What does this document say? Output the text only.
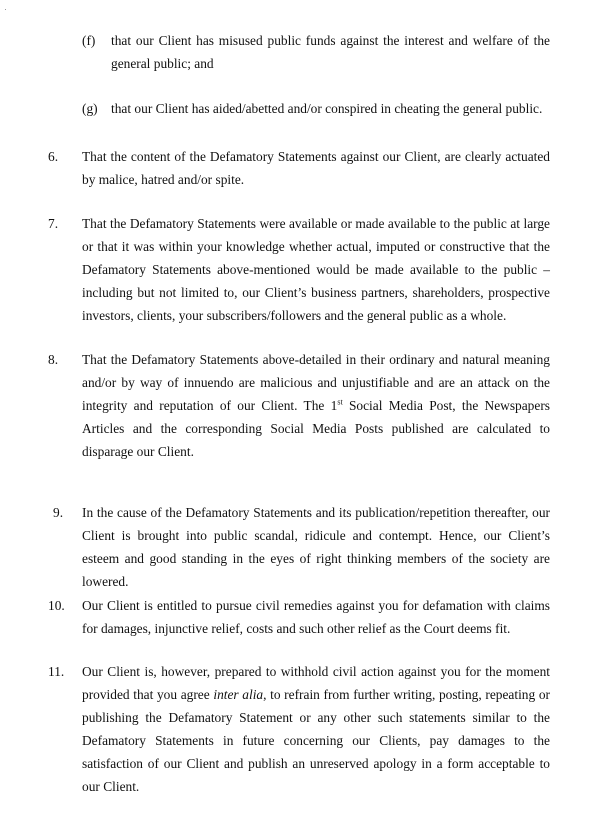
(f)	that our Client has misused public funds against the interest and welfare of the general public; and
(g) that our Client has aided/abetted and/or conspired in cheating the general public.
6.	That the content of the Defamatory Statements against our Client, are clearly actuated by malice, hatred and/or spite.
7.	That the Defamatory Statements were available or made available to the public at large or that it was within your knowledge whether actual, imputed or constructive that the Defamatory Statements above-mentioned would be made available to the public – including but not limited to, our Client’s business partners, shareholders, prospective investors, clients, your subscribers/followers and the general public as a whole.
8.	That the Defamatory Statements above-detailed in their ordinary and natural meaning and/or by way of innuendo are malicious and unjustifiable and are an attack on the integrity and reputation of our Client. The 1st Social Media Post, the Newspapers Articles and the corresponding Social Media Posts published are calculated to disparage our Client.
9.	In the cause of the Defamatory Statements and its publication/repetition thereafter, our Client is brought into public scandal, ridicule and contempt. Hence, our Client’s esteem and good standing in the eyes of right thinking members of the society are lowered.
10.	Our Client is entitled to pursue civil remedies against you for defamation with claims for damages, injunctive relief, costs and such other relief as the Court deems fit.
11.	Our Client is, however, prepared to withhold civil action against you for the moment provided that you agree inter alia, to refrain from further writing, posting, repeating or publishing the Defamatory Statement or any other such statements similar to the Defamatory Statements in future concerning our Clients, pay damages to the satisfaction of our Client and publish an unreserved apology in a form acceptable to our Client.
